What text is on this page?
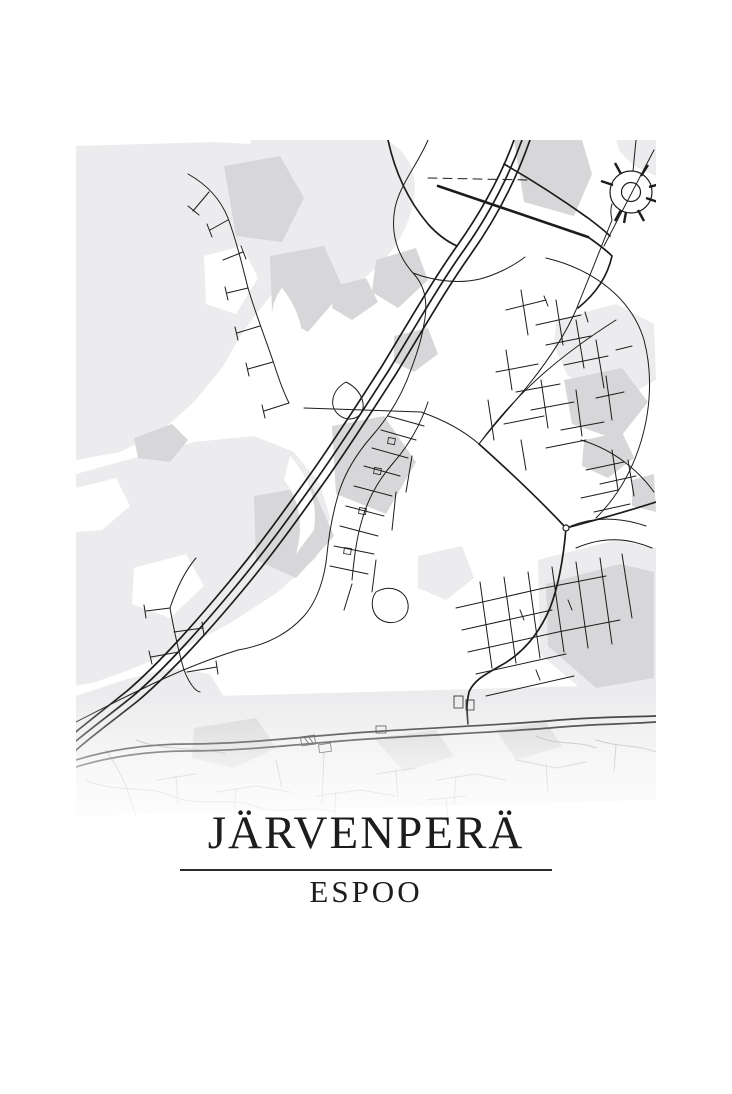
JÄRVENPERÄ
ESPOO
